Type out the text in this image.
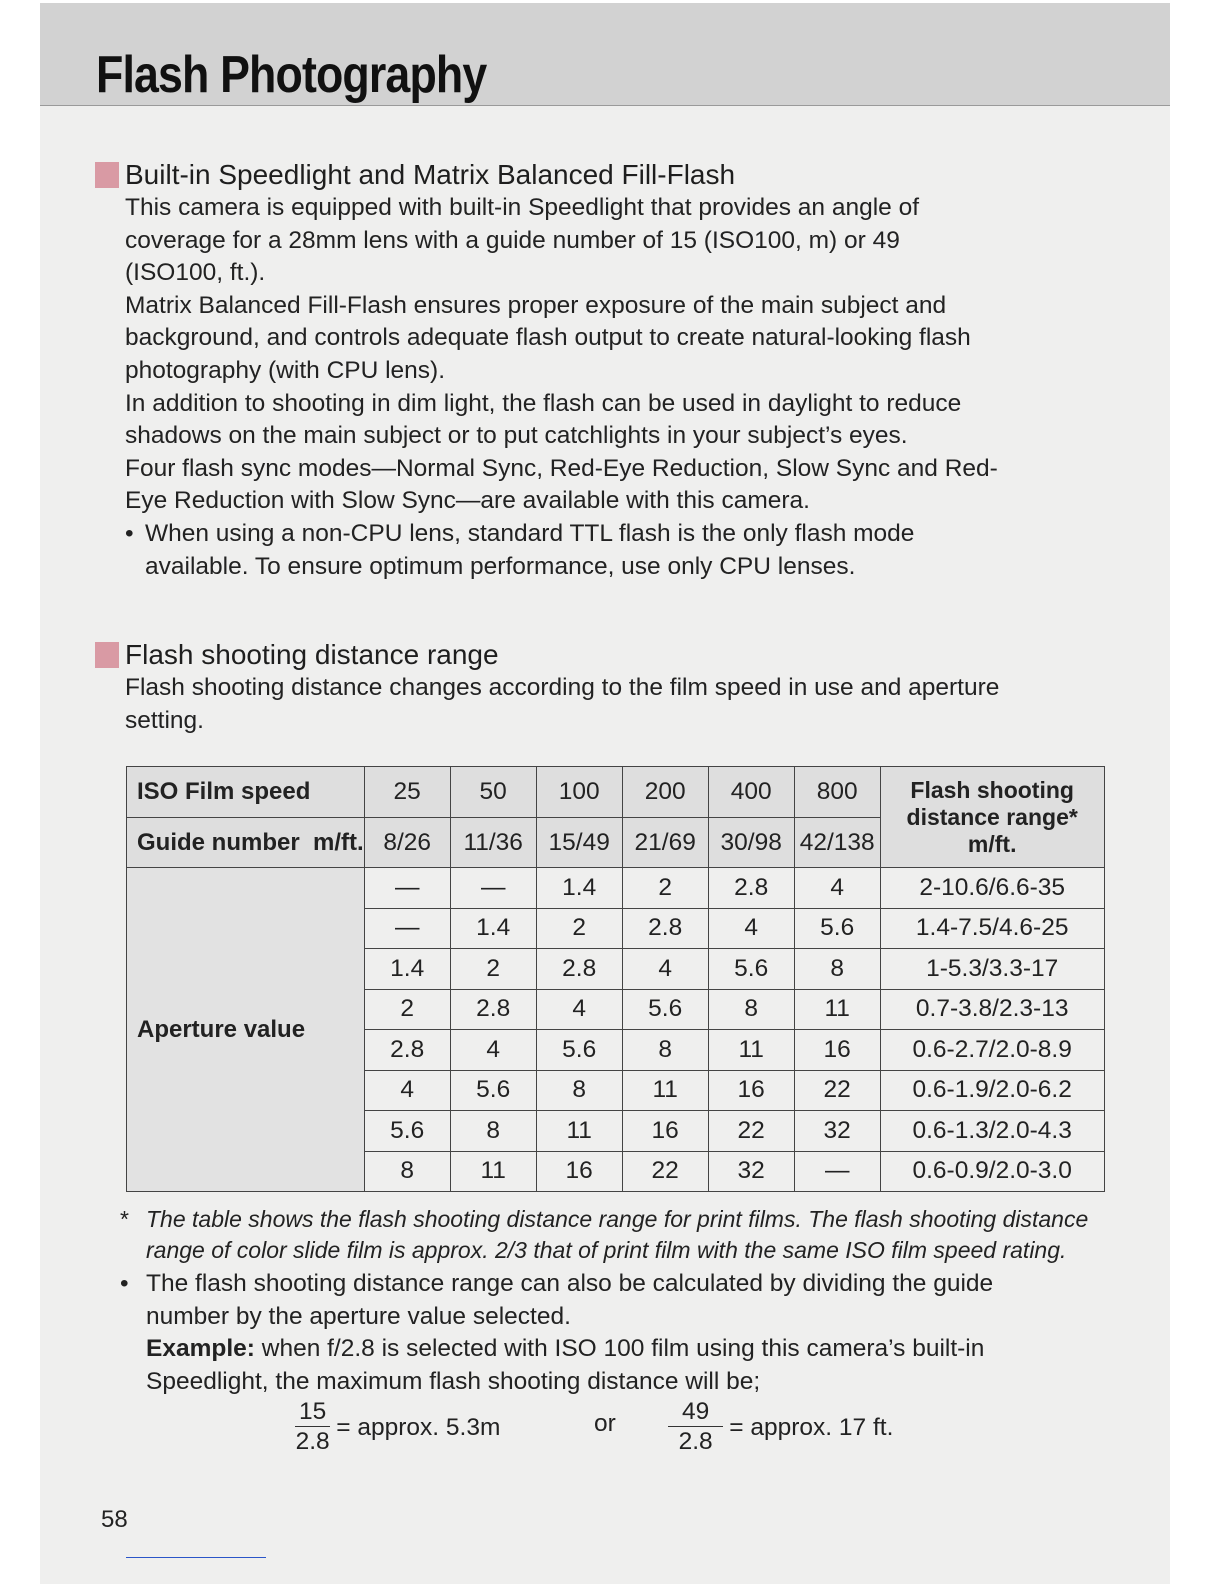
Flash Photography
Built-in Speedlight and Matrix Balanced Fill-Flash

This camera is equipped with built-in Speedlight that provides an angle of

coverage for a 28mm lens with a guide number of 15 (ISO100, m) or 49

(ISO100, ft.).

Matrix Balanced Fill-Flash ensures proper exposure of the main subject and

background, and controls adequate flash output to create natural-looking flash

photography (with CPU lens).

In addition to shooting in dim light, the flash can be used in daylight to reduce

shadows on the main subject or to put catchlights in your subject’s eyes.

Four flash sync modes—Normal Sync, Red-Eye Reduction, Slow Sync and Red-

Eye Reduction with Slow Sync—are available with this camera.

• When using a non-CPU lens, standard TTL flash is the only flash mode

available. To ensure optimum performance, use only CPU lenses.

Flash shooting distance range

Flash shooting distance changes according to the film speed in use and aperture

setting.

ISO Film speed	25	50	100	200	400	800	Flash shooting
distance range*
m/ft.

Guide number  m/ft.	8/26	11/36	15/49	21/69	30/98	42/138	
Aperture value	—	—	1.4	2	2.8	4	2-10.6/6.6-35
	—	1.4	2	2.8	4	5.6	1.4-7.5/4.6-25
	1.4	2	2.8	4	5.6	8	1-5.3/3.3-17
	2	2.8	4	5.6	8	11	0.7-3.8/2.3-13
	2.8	4	5.6	8	11	16	0.6-2.7/2.0-8.9
	4	5.6	8	11	16	22	0.6-1.9/2.0-6.2
	5.6	8	11	16	22	32	0.6-1.3/2.0-4.3
	8	11	16	22	32	—	0.6-0.9/2.0-3.0
* The table shows the flash shooting distance range for print films. The flash shooting distance
range of color slide film is approx. 2/3 that of print film with the same ISO film speed rating.
• The flash shooting distance range can also be calculated by dividing the guide
number by the aperture value selected.
Example: when f/2.8 is selected with ISO 100 film using this camera’s built-in
Speedlight, the maximum flash shooting distance will be;
$\frac{15}{2.8}$ = approx. 5.3m	or $\frac{49}{2.8}$ = approx. 17 ft.
58
